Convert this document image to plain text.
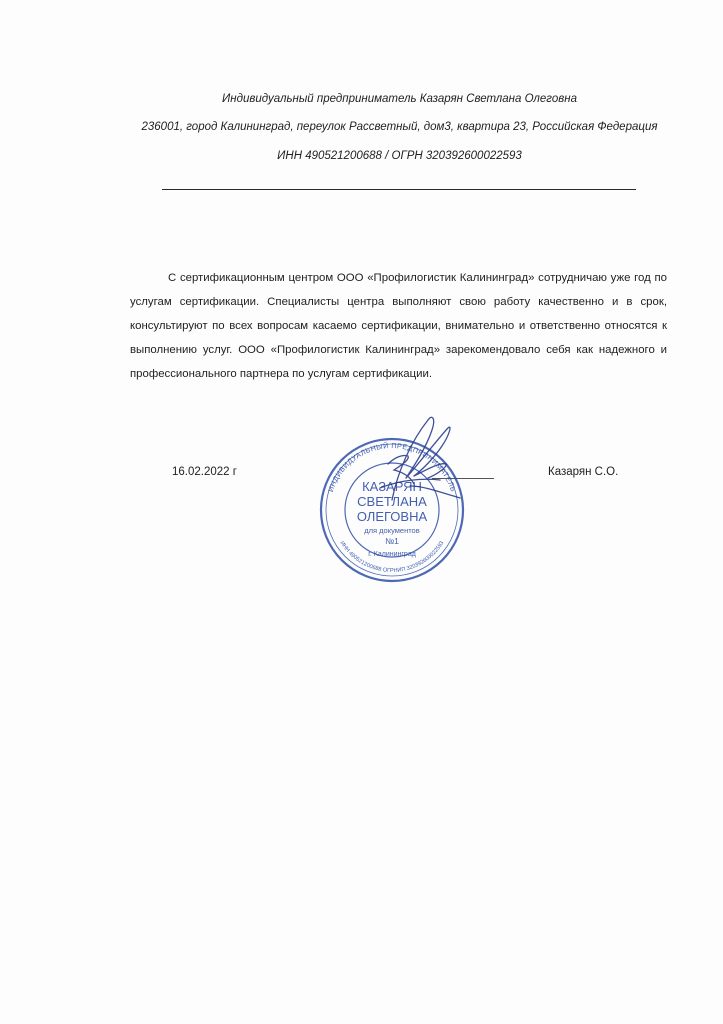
Индивидуальный предприниматель Казарян Светлана Олеговна
236001, город Калининград, переулок Рассветный, дом3, квартира 23, Российская Федерация
ИНН 490521200688 / ОГРН 320392600022593

С сертификационным центром ООО «Профилогистик Калининград» сотрудничаю уже год по услугам сертификации. Специалисты центра выполняют свою работу качественно и в срок, консультируют по всех вопросам касаемо сертификации, внимательно и ответственно относятся к выполнению услуг. ООО «Профилогистик Калининград» зарекомендовало себя как надежного и профессионального партнера по услугам сертификации.

16.02.2022 г	Казарян С.О.
ИНДИВИДУАЛЬНЫЙ ПРЕДПРИНИМАТЕЛЬ
ИНН 490521200688 ОГРНИП 320392600022593
КАЗАРЯН
СВЕТЛАНА
ОЛЕГОВНА
для документов
№1
г. Калининград
